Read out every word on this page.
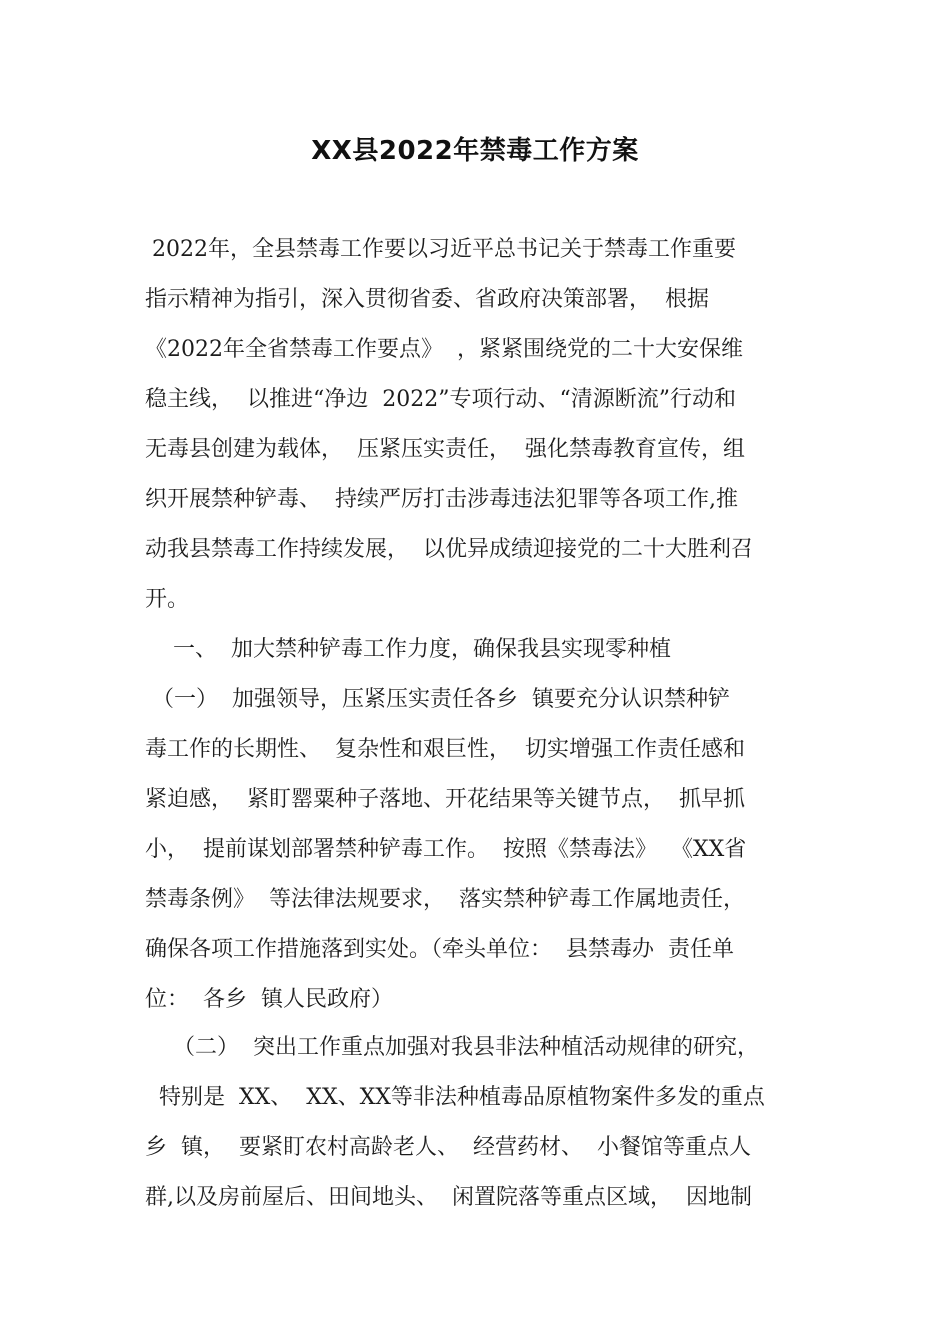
XX县2022年禁毒工作方案
2022年，全县禁毒工作要以习近平总书记关于禁毒工作重要
指示精神为指引，深入贯彻省委、省政府决策部署，  根据
《2022年全省禁毒工作要点》  ，紧紧围绕党的二十大安保维
稳主线，  以推进“净边  2022”专项行动、“清源断流”行动和
无毒县创建为载体，  压紧压实责任，  强化禁毒教育宣传，组
织开展禁种铲毒、  持续严厉打击涉毒违法犯罪等各项工作,推
动我县禁毒工作持续发展，  以优异成绩迎接党的二十大胜利召
开。
一、  加大禁种铲毒工作力度，确保我县实现零种植
（一）  加强领导，压紧压实责任各乡  镇要充分认识禁种铲
毒工作的长期性、  复杂性和艰巨性，  切实增强工作责任感和
紧迫感，  紧盯罂粟种子落地、开花结果等关键节点，  抓早抓
小，  提前谋划部署禁种铲毒工作。  按照《禁毒法》  《XX省
禁毒条例》  等法律法规要求，  落实禁种铲毒工作属地责任，
确保各项工作措施落到实处。（牵头单位：  县禁毒办  责任单
位：  各乡  镇人民政府）
（二）  突出工作重点加强对我县非法种植活动规律的研究，
特别是  XX、  XX、XX等非法种植毒品原植物案件多发的重点
乡  镇，  要紧盯农村高龄老人、  经营药材、  小餐馆等重点人
群,以及房前屋后、田间地头、  闲置院落等重点区域，  因地制
